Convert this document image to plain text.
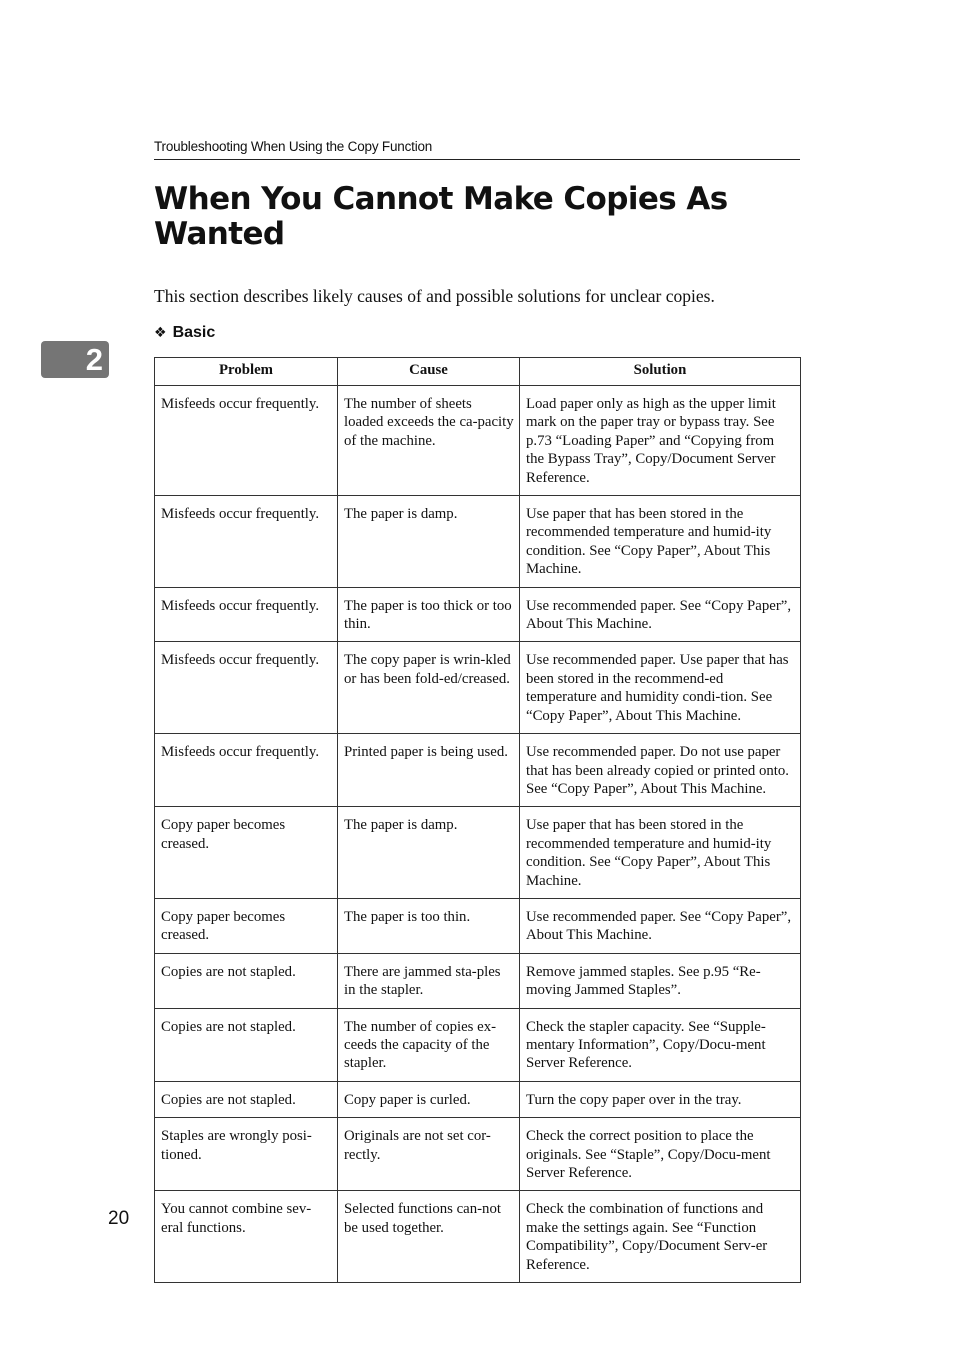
Troubleshooting When Using the Copy Function
When You Cannot Make Copies As Wanted

This section describes likely causes of and possible solutions for unclear copies.

❖ Basic
2	Problem	Cause	Solution
Misfeeds occur frequently.	The number of sheets loaded exceeds the ca-pacity of the machine.	Load paper only as high as the upper limit mark on the paper tray or bypass tray. See p.73 “Loading Paper” and “Copying from the Bypass Tray”, Copy/Document Server Reference.
Misfeeds occur frequently.	The paper is damp.	Use paper that has been stored in the recommended temperature and humid-ity condition. See “Copy Paper”, About This Machine.
Misfeeds occur frequently.	The paper is too thick or too thin.	Use recommended paper. See “Copy Paper”, About This Machine.
Misfeeds occur frequently.	The copy paper is wrin-kled or has been fold-ed/creased.	Use recommended paper. Use paper that has been stored in the recommend-ed temperature and humidity condi-tion. See “Copy Paper”, About This Machine.
Misfeeds occur frequently.	Printed paper is being used.	Use recommended paper. Do not use paper that has been already copied or printed onto. See “Copy Paper”, About This Machine.
Copy paper becomes creased.	The paper is damp.	Use paper that has been stored in the recommended temperature and humid-ity condition. See “Copy Paper”, About This Machine.
Copy paper becomes creased.	The paper is too thin.	Use recommended paper. See “Copy Paper”, About This Machine.
Copies are not stapled.	There are jammed sta-ples in the stapler.	Remove jammed staples. See p.95 “Re-moving Jammed Staples”.
Copies are not stapled.	The number of copies ex-ceeds the capacity of the stapler.	Check the stapler capacity. See “Supple-mentary Information”, Copy/Docu-ment Server Reference.
Copies are not stapled.	Copy paper is curled.	Turn the copy paper over in the tray.
Staples are wrongly posi-tioned.	Originals are not set cor-rectly.	Check the correct position to place the originals. See “Staple”, Copy/Docu-ment Server Reference.
You cannot combine sev-eral functions.	Selected functions can-not be used together.	Check the combination of functions and make the settings again. See “Function Compatibility”, Copy/Document Serv-er Reference.
20
